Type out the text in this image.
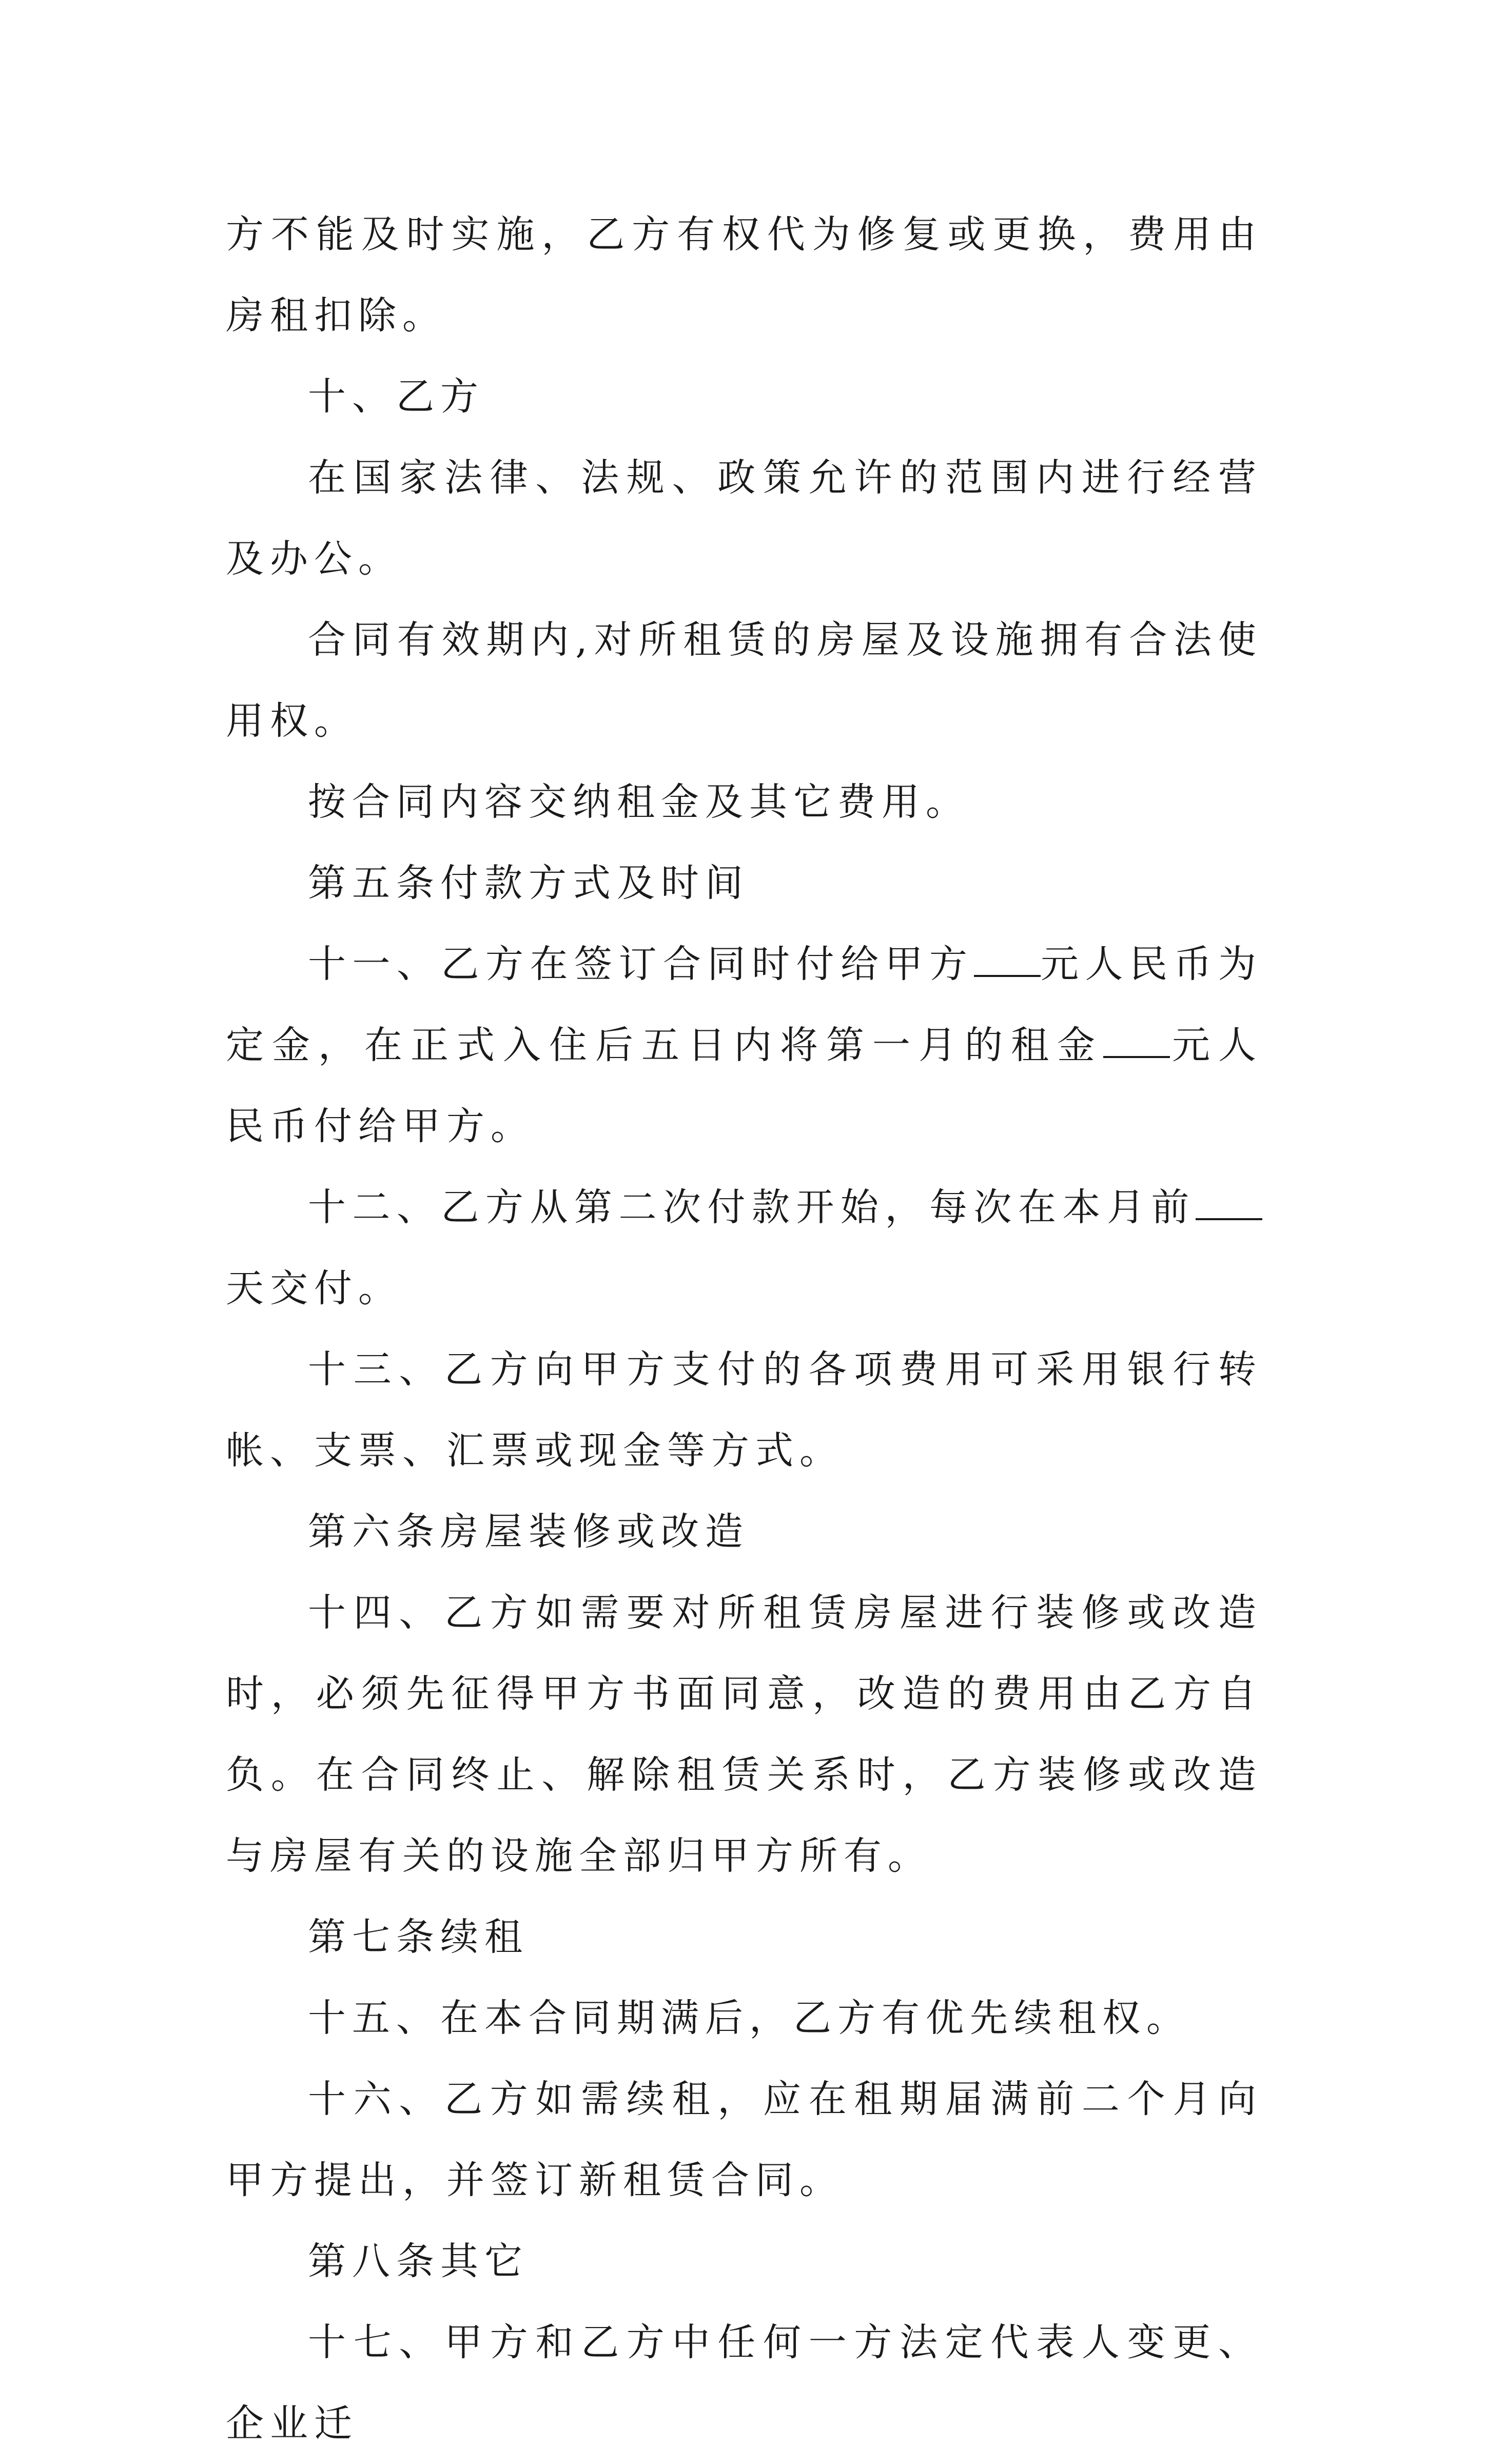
方不能及时实施，乙方有权代为修复或更换，费用由房租扣除。

十、乙方

在国家法律、法规、政策允许的范围内进行经营及办公。

合同有效期内,对所租赁的房屋及设施拥有合法使用权。

按合同内容交纳租金及其它费用。

第五条付款方式及时间

十一、乙方在签订合同时付给甲方 元人民币为定金，在正式入住后五日内将第一月的租金 元人民币付给甲方。

十二、乙方从第二次付款开始，每次在本月前天交付。

十三、乙方向甲方支付的各项费用可采用银行转帐、支票、汇票或现金等方式。

第六条房屋装修或改造

十四、乙方如需要对所租赁房屋进行装修或改造时，必须先征得甲方书面同意，改造的费用由乙方自负。在合同终止、解除租赁关系时，乙方装修或改造与房屋有关的设施全部归甲方所有。

第七条续租

十五、在本合同期满后，乙方有优先续租权。

十六、乙方如需续租，应在租期届满前二个月向甲方提出，并签订新租赁合同。

第八条其它

十七、甲方和乙方中任何一方法定代表人变更、企业迁
